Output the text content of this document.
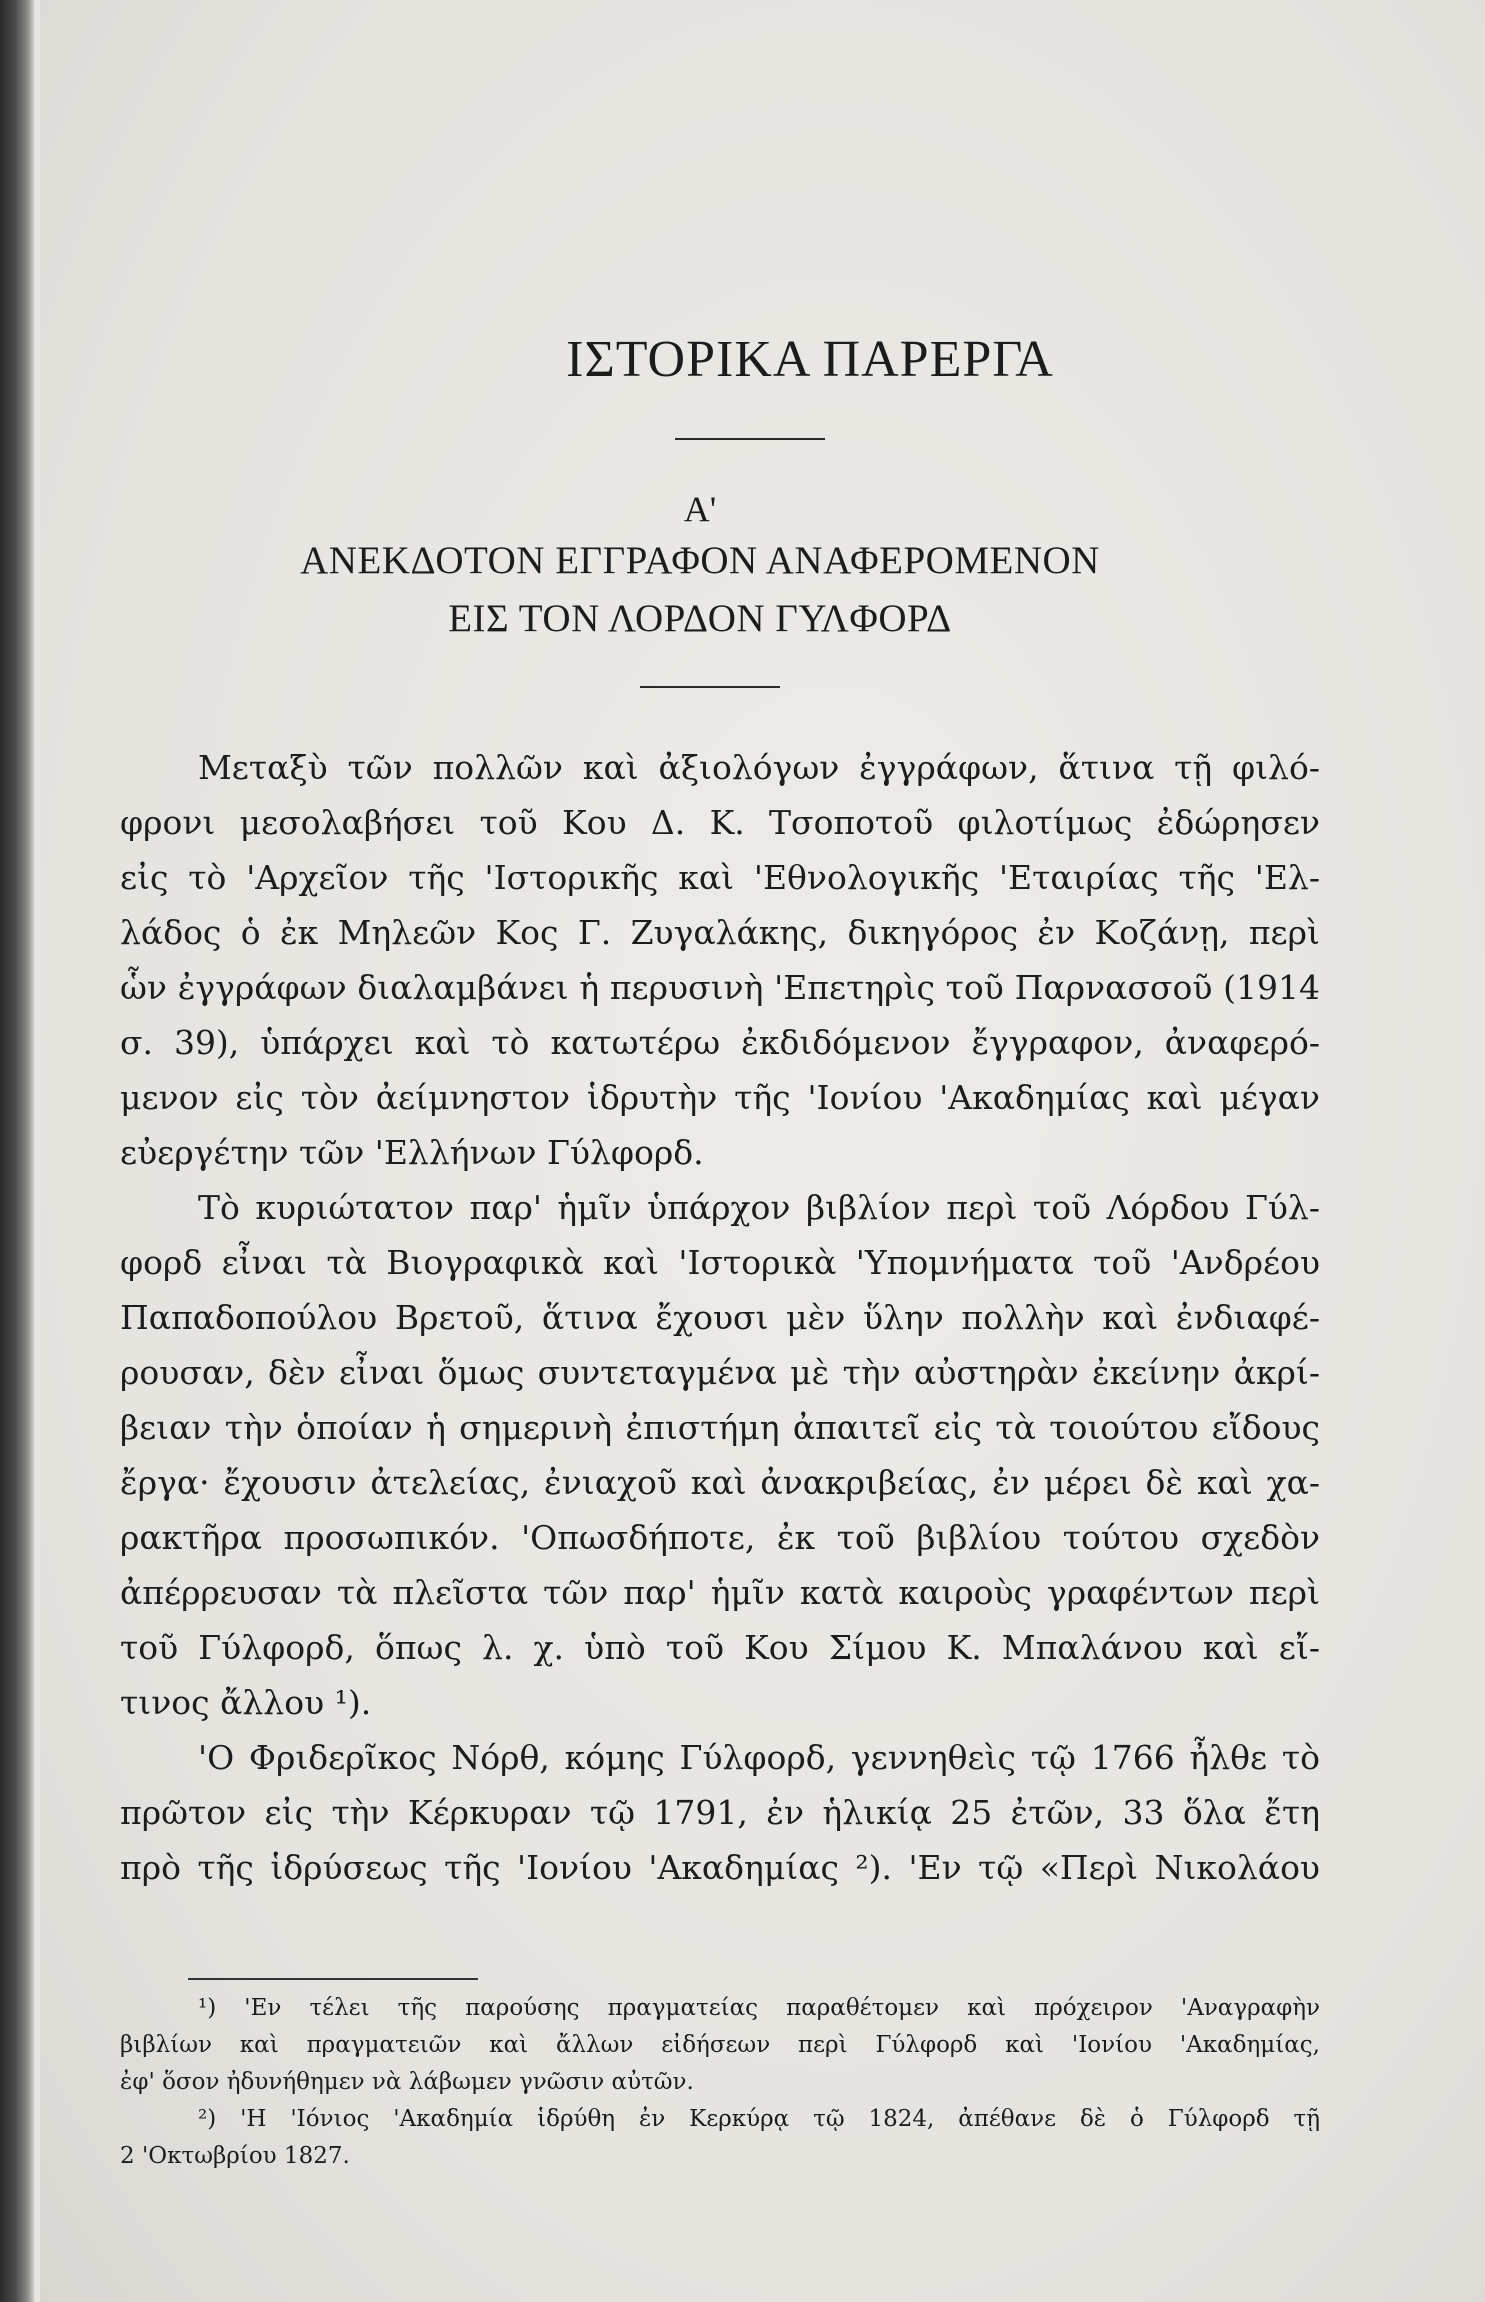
ΙΣΤΟΡΙΚΑ ΠΑΡΕΡΓΑ
Α'
ΑΝΕΚΔΟΤΟΝ ΕΓΓΡΑΦΟΝ ΑΝΑΦΕΡΟΜΕΝΟΝ
ΕΙΣ ΤΟΝ ΛΟΡΔΟΝ ΓΥΛΦΟΡΔ
Μεταξὺ τῶν πολλῶν καὶ ἀξιολόγων ἐγγράφων, ἅτινα τῇ φιλό-
φρονι μεσολαβήσει τοῦ Κου Δ. Κ. Τσοποτοῦ φιλοτίμως ἐδώρησεν
εἰς τὸ 'Αρχεῖον τῆς 'Ιστορικῆς καὶ 'Εθνολογικῆς 'Εταιρίας τῆς 'Ελ-
λάδος ὁ ἐκ Μηλεῶν Κος Γ. Ζυγαλάκης, δικηγόρος ἐν Κοζάνῃ, περὶ
ὧν ἐγγράφων διαλαμβάνει ἡ περυσινὴ 'Επετηρὶς τοῦ Παρνασσοῦ (1914
σ. 39), ὑπάρχει καὶ τὸ κατωτέρω ἐκδιδόμενον ἔγγραφον, ἀναφερό-
μενον εἰς τὸν ἀείμνηστον ἱδρυτὴν τῆς 'Ιονίου 'Ακαδημίας καὶ μέγαν
εὐεργέτην τῶν 'Ελλήνων Γύλφορδ.
Τὸ κυριώτατον παρ' ἡμῖν ὑπάρχον βιβλίον περὶ τοῦ Λόρδου Γύλ-
φορδ εἶναι τὰ Βιογραφικὰ καὶ 'Ιστορικὰ 'Υπομνήματα τοῦ 'Ανδρέου
Παπαδοπούλου Βρετοῦ, ἅτινα ἔχουσι μὲν ὕλην πολλὴν καὶ ἐνδιαφέ-
ρουσαν, δὲν εἶναι ὅμως συντεταγμένα μὲ τὴν αὐστηρὰν ἐκείνην ἀκρί-
βειαν τὴν ὁποίαν ἡ σημερινὴ ἐπιστήμη ἀπαιτεῖ εἰς τὰ τοιούτου εἴδους
ἔργα· ἔχουσιν ἀτελείας, ἐνιαχοῦ καὶ ἀνακριβείας, ἐν μέρει δὲ καὶ χα-
ρακτῆρα προσωπικόν. 'Οπωσδήποτε, ἐκ τοῦ βιβλίου τούτου σχεδὸν
ἀπέρρευσαν τὰ πλεῖστα τῶν παρ' ἡμῖν κατὰ καιροὺς γραφέντων περὶ
τοῦ Γύλφορδ, ὅπως λ. χ. ὑπὸ τοῦ Κου Σίμου Κ. Μπαλάνου καὶ εἴ-
τινος ἄλλου ¹).
'Ο Φριδερῖκος Νόρθ, κόμης Γύλφορδ, γεννηθεὶς τῷ 1766 ἦλθε τὸ
πρῶτον εἰς τὴν Κέρκυραν τῷ 1791, ἐν ἡλικίᾳ 25 ἐτῶν, 33 ὅλα ἔτη
πρὸ τῆς ἱδρύσεως τῆς 'Ιονίου 'Ακαδημίας ²). 'Εν τῷ «Περὶ Νικολάου
¹) 'Εν τέλει τῆς παρούσης πραγματείας παραθέτομεν καὶ πρόχειρον 'Αναγραφὴν
βιβλίων καὶ πραγματειῶν καὶ ἄλλων εἰδήσεων περὶ Γύλφορδ καὶ 'Ιονίου 'Ακαδημίας,
ἐφ' ὅσον ἠδυνήθημεν νὰ λάβωμεν γνῶσιν αὐτῶν.
²) 'Η 'Ιόνιος 'Ακαδημία ἱδρύθη ἐν Κερκύρᾳ τῷ 1824, ἀπέθανε δὲ ὁ Γύλφορδ τῇ
2 'Οκτωβρίου 1827.
